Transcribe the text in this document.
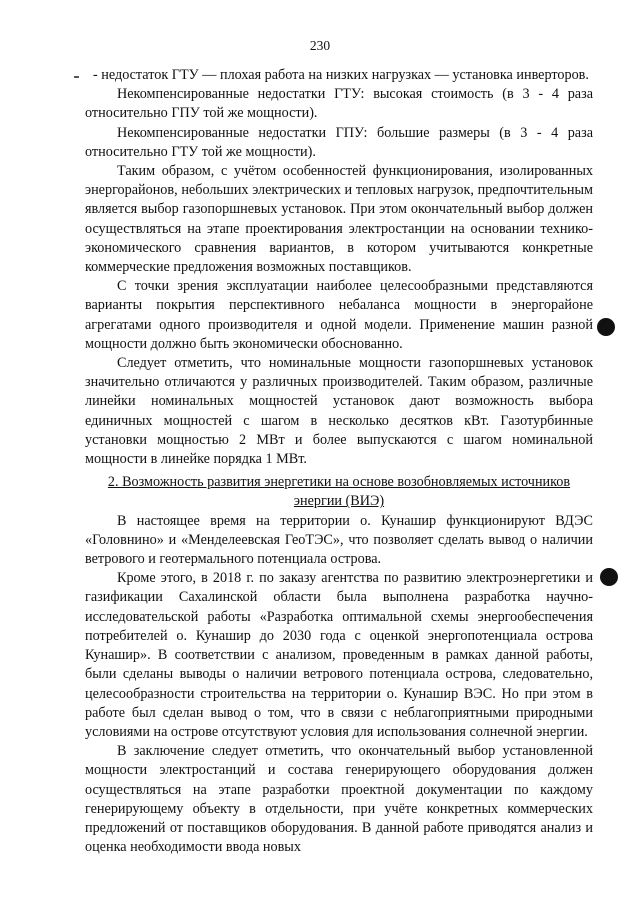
230

- недостаток ГТУ — плохая работа на низких нагрузках — установка инверторов.

Некомпенсированные недостатки ГТУ: высокая стоимость (в 3 - 4 раза относительно ГПУ той же мощности).

Некомпенсированные недостатки ГПУ: большие размеры (в 3 - 4 раза относительно ГТУ той же мощности).

Таким образом, с учётом особенностей функционирования, изолированных энергорайонов, небольших электрических и тепловых нагрузок, предпочтительным является выбор газопоршневых установок. При этом окончательный выбор должен осуществляться на этапе проектирования электростанции на основании технико-экономического сравнения вариантов, в котором учитываются конкретные коммерческие предложения возможных поставщиков.

С точки зрения эксплуатации наиболее целесообразными представляются варианты покрытия перспективного небаланса мощности в энергорайоне агрегатами одного производителя и одной модели. Применение машин разной мощности должно быть экономически обоснованно.

Следует отметить, что номинальные мощности газопоршневых установок значительно отличаются у различных производителей. Таким образом, различные линейки номинальных мощностей установок дают возможность выбора единичных мощностей с шагом в несколько десятков кВт. Газотурбинные установки мощностью 2 МВт и более выпускаются с шагом номинальной мощности в линейке порядка 1 МВт.

2. Возможность развития энергетики на основе возобновляемых источников энергии (ВИЭ)

В настоящее время на территории о. Кунашир функционируют ВДЭС «Головнино» и «Менделеевская ГеоТЭС», что позволяет сделать вывод о наличии ветрового и геотермального потенциала острова.

Кроме этого, в 2018 г. по заказу агентства по развитию электроэнергетики и газификации Сахалинской области была выполнена разработка научно-исследовательской работы «Разработка оптимальной схемы энергообеспечения потребителей о. Кунашир до 2030 года с оценкой энергопотенциала острова Кунашир». В соответствии с анализом, проведенным в рамках данной работы, были сделаны выводы о наличии ветрового потенциала острова, следовательно, целесообразности строительства на территории о. Кунашир ВЭС. Но при этом в работе был сделан вывод о том, что в связи с неблагоприятными природными условиями на острове отсутствуют условия для использования солнечной энергии.

В заключение следует отметить, что окончательный выбор установленной мощности электростанций и состава генерирующего оборудования должен осуществляться на этапе разработки проектной документации по каждому генерирующему объекту в отдельности, при учёте конкретных коммерческих предложений от поставщиков оборудования. В данной работе приводятся анализ и оценка необходимости ввода новых
